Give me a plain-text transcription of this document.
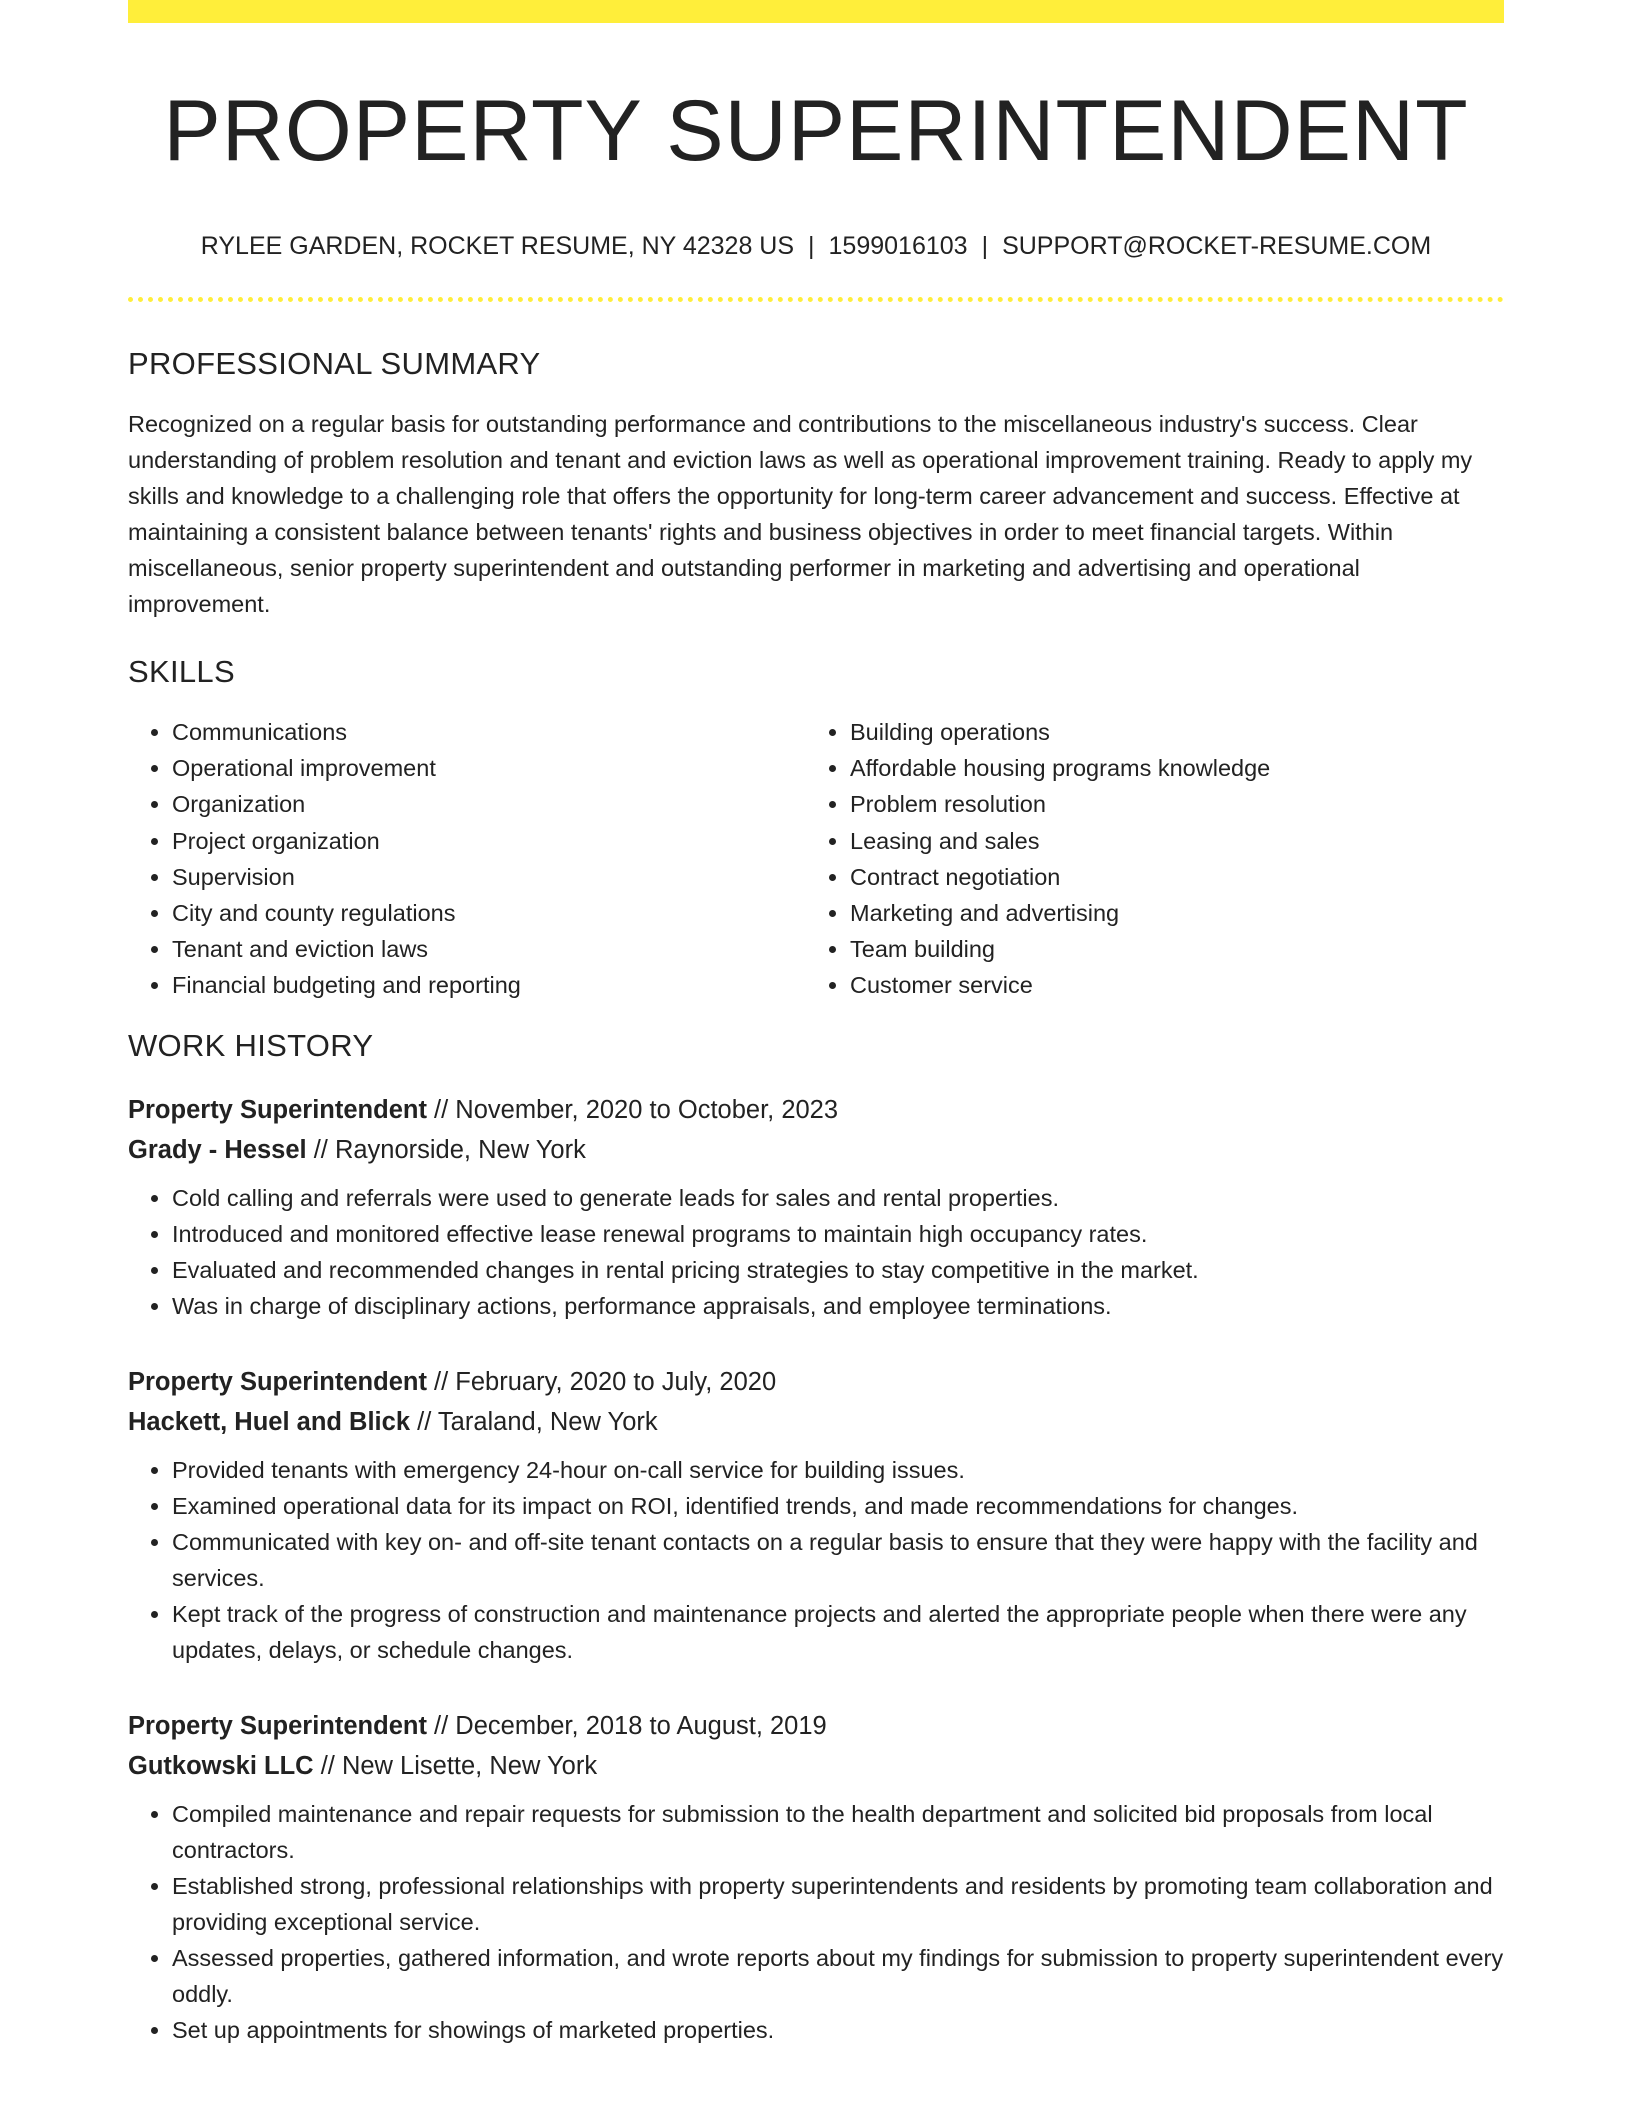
PROPERTY SUPERINTENDENT
RYLEE GARDEN, ROCKET RESUME, NY 42328 US | 1599016103 | SUPPORT@ROCKET-RESUME.COM
PROFESSIONAL SUMMARY
Recognized on a regular basis for outstanding performance and contributions to the miscellaneous industry's success. Clear understanding of problem resolution and tenant and eviction laws as well as operational improvement training. Ready to apply my skills and knowledge to a challenging role that offers the opportunity for long-term career advancement and success. Effective at maintaining a consistent balance between tenants' rights and business objectives in order to meet financial targets. Within miscellaneous, senior property superintendent and outstanding performer in marketing and advertising and operational improvement.
SKILLS
• Communications
• Operational improvement
• Organization
• Project organization
• Supervision
• City and county regulations
• Tenant and eviction laws
• Financial budgeting and reporting
• Building operations
• Affordable housing programs knowledge
• Problem resolution
• Leasing and sales
• Contract negotiation
• Marketing and advertising
• Team building
• Customer service
WORK HISTORY
Property Superintendent // November, 2020 to October, 2023
Grady - Hessel // Raynorside, New York
• Cold calling and referrals were used to generate leads for sales and rental properties.
• Introduced and monitored effective lease renewal programs to maintain high occupancy rates.
• Evaluated and recommended changes in rental pricing strategies to stay competitive in the market.
• Was in charge of disciplinary actions, performance appraisals, and employee terminations.
Property Superintendent // February, 2020 to July, 2020
Hackett, Huel and Blick // Taraland, New York
• Provided tenants with emergency 24-hour on-call service for building issues.
• Examined operational data for its impact on ROI, identified trends, and made recommendations for changes.
• Communicated with key on- and off-site tenant contacts on a regular basis to ensure that they were happy with the facility and services.
• Kept track of the progress of construction and maintenance projects and alerted the appropriate people when there were any updates, delays, or schedule changes.
Property Superintendent // December, 2018 to August, 2019
Gutkowski LLC // New Lisette, New York
• Compiled maintenance and repair requests for submission to the health department and solicited bid proposals from local contractors.
• Established strong, professional relationships with property superintendents and residents by promoting team collaboration and providing exceptional service.
• Assessed properties, gathered information, and wrote reports about my findings for submission to property superintendent every oddly.
• Set up appointments for showings of marketed properties.
